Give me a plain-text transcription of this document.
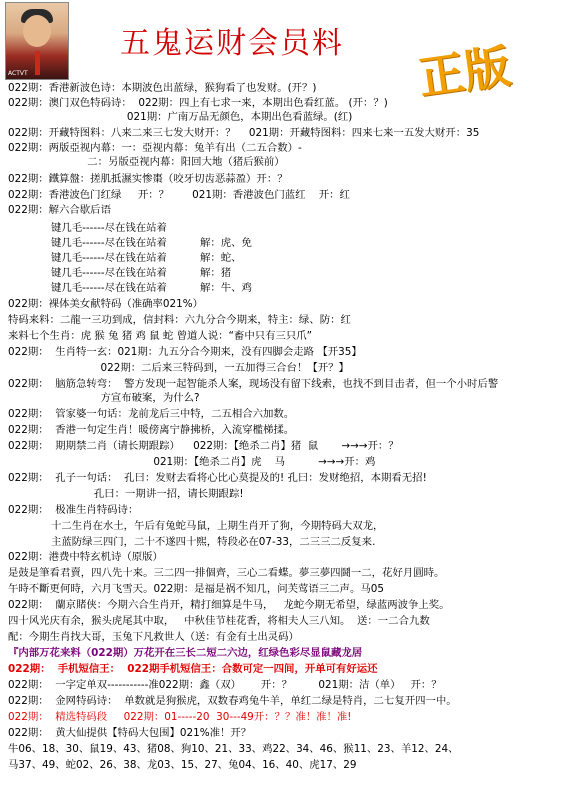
ACTVT
五鬼运财会员料 正版
022期：香港新波色诗：本期波色出蓝绿，猴狗看了也发财。(开？)
022期：澳门双色特码诗：  022期：四上有七求一来，本期出色看红蓝。 (开：？)
021期：广南万品无颜色，本期出色看蓝绿。(红)
022期：开藏特图料：八来二来三七发大财开：？    021期：开藏特图料：四来七来一五发大财开：35
022期：两版亞视内幕：一：亞视内幕：兔羊有出（二五合数）-
二：另版亞视内幕：阳回大地（猪后猴前）
022期：鐵算盤：搓肌抵濕实惨棗（咬牙切齿恶蒜盈）开：？
022期：香港波色门红绿     开：？       021期：香港波色门蓝红    开：红
022期：解六合歇后语
键几毛------尽在钱在站着
键几毛------尽在钱在站着          解：虎、免
键几毛------尽在钱在站着          解：蛇、
键几毛------尽在钱在站着          解：猪
键几毛------尽在钱在站着          解：牛、鸡
022期：裸体美女献特码（准确率021%）
特码来料：二龍一三功到成，信封料：六九分合今期来，特主：绿、防：红
来料七个生肖：虎 猴 兔 猪 鸡 鼠 蛇 曾道人说：“畜中只有三只爪”
022期：  生肖特一玄：021期：九五分合今期来，没有四脚会走路 【开35】
022期：二后来三特码到，一五加得三合台！【开？】
022期：  脑筋急转弯：  警方发现一起智能杀人案，现场没有留下线索，也找不到目击者，但一个小时后警
方宣布破案，为什么?
022期：  管家婆一句话：龙前龙后三中特，二五相合六加数。
022期：  香港一句定生肖！暖傍离宁静拂桥，入流穿檻梯揉。
022期：  期期禁二肖（请长期跟踪）    022期：【绝杀二肖】猪  鼠       →→→开：？
021期：【绝杀二肖】虎    马          →→→开：鸡
022期：  孔子一句话：  孔曰：发财去看将心比心莫提及的! 孔曰：发财绝招，本期看无招!
孔曰：一期讲一招，请长期跟踪!
022期：  极准生肖特码诗：
十二生肖在水土，午后有兔蛇马鼠，上期生肖开了狗，今期特码大双龙，
主蓝防绿三四门，二十不遂四十熙，特段必在07-33，二三三二反复来.
022期：港费中特玄机诗（原版）
是鼓是筆看君賣，四八先十来。三二四一排個齊，三心二看蝶。夢三夢四鬪一二，花好月圓時。
午時不斷更何時，六月飞雪天。022期：是福是祸不知几，问芙莺语三二声。马05
022期：  蘭京賭侠：今期六合生肖开，精打细算是牛马，   龙蛇今期无希望，绿蓝两波争上奖。
四十风光庆有余，猴头虎尾其中取，   中秋佳节桂花香，将相夫人三八知。  送：一二合九数
配：今期生肖找大哥，玉兔下凡救世人（送：有金有土出灵码）
『内部万花来料（022期）万花开在三长二短二六边，红绿色彩尽显鼠藏龙居
022期：  手机短信王：  022期手机短信王：合数可定一四间，开单可有好运还
022期：  一字定单双-----------准022期：鑫（双）      开：？        021期：洁（单）   开：？
022期：  金网特码诗：  单数就是狗猴虎，双数春鸡兔牛羊，单红二绿是特肖，二七复开四一中。
022期：  精选特码段     022期：01-----20  30---49开：？？准！准！准!
022期：  黄大仙提供【特码大包围】021%准！开？
牛06、18、30、鼠19、43、猪08、狗10、21、33、鸡22、34、46、猴11、23、羊12、24、
马37、49、蛇02、26、38、龙03、15、27、兔04、16、40、虎17、29
